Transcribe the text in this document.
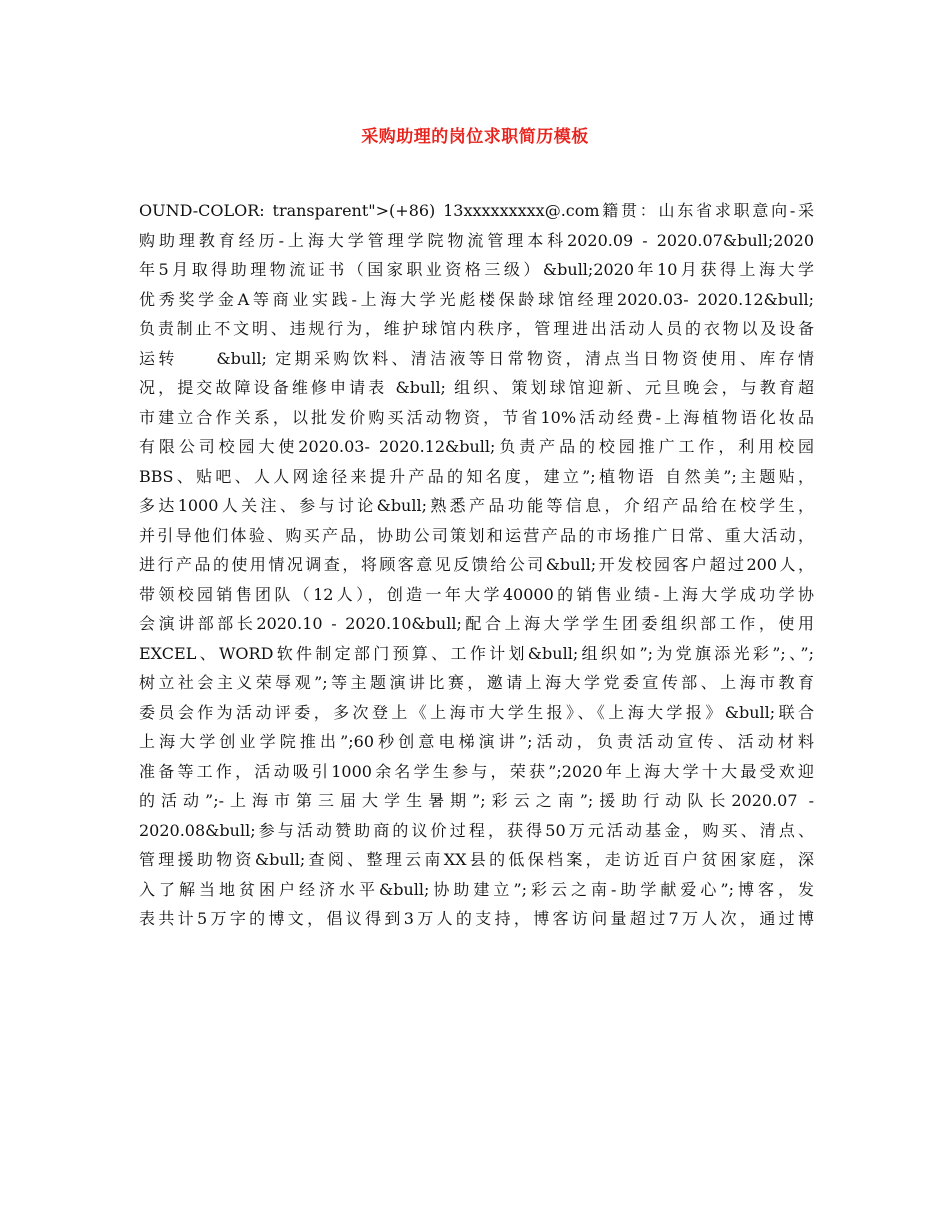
采购助理的岗位求职简历模板
OUND-COLOR: transparent">(+86) 13xxxxxxxxx@.com籍贯：山东省求职意向-采
购助理教育经历-上海大学管理学院物流管理本科2020.09 - 2020.07&bull;2020
年5月取得助理物流证书（国家职业资格三级）&bull;2020年10月获得上海大学
优秀奖学金A等商业实践-上海大学光彪楼保龄球馆经理2020.03- 2020.12&bull;
负责制止不文明、违规行为，维护球馆内秩序，管理进出活动人员的衣物以及设备
运转　　&bull; 定期采购饮料、清洁液等日常物资，清点当日物资使用、库存情
况，提交故障设备维修申请表 &bull; 组织、策划球馆迎新、元旦晚会，与教育超
市建立合作关系，以批发价购买活动物资，节省10%活动经费-上海植物语化妆品
有限公司校园大使2020.03- 2020.12&bull;负责产品的校园推广工作，利用校园
BBS、贴吧、人人网途径来提升产品的知名度，建立”;植物语 自然美”;主题贴，
多达1000人关注、参与讨论&bull;熟悉产品功能等信息，介绍产品给在校学生，
并引导他们体验、购买产品，协助公司策划和运营产品的市场推广日常、重大活动，
进行产品的使用情况调查，将顾客意见反馈给公司&bull;开发校园客户超过200人，
带领校园销售团队（12人），创造一年大学40000的销售业绩-上海大学成功学协
会演讲部部长2020.10 - 2020.10&bull;配合上海大学学生团委组织部工作，使用
EXCEL、WORD软件制定部门预算、工作计划&bull;组织如”;为党旗添光彩”;、”;
树立社会主义荣辱观”;等主题演讲比赛，邀请上海大学党委宣传部、上海市教育
委员会作为活动评委，多次登上《上海市大学生报》、《上海大学报》&bull;联合
上海大学创业学院推出”;60秒创意电梯演讲”;活动，负责活动宣传、活动材料
准备等工作，活动吸引1000余名学生参与，荣获”;2020年上海大学十大最受欢迎
的活动”;-上海市第三届大学生暑期”;彩云之南”;援助行动队长2020.07 -
2020.08&bull;参与活动赞助商的议价过程，获得50万元活动基金，购买、清点、
管理援助物资&bull;查阅、整理云南XX县的低保档案，走访近百户贫困家庭，深
入了解当地贫困户经济水平&bull;协助建立”;彩云之南-助学献爱心”;博客，发
表共计5万字的博文，倡议得到3万人的支持，博客访问量超过7万人次，通过博
